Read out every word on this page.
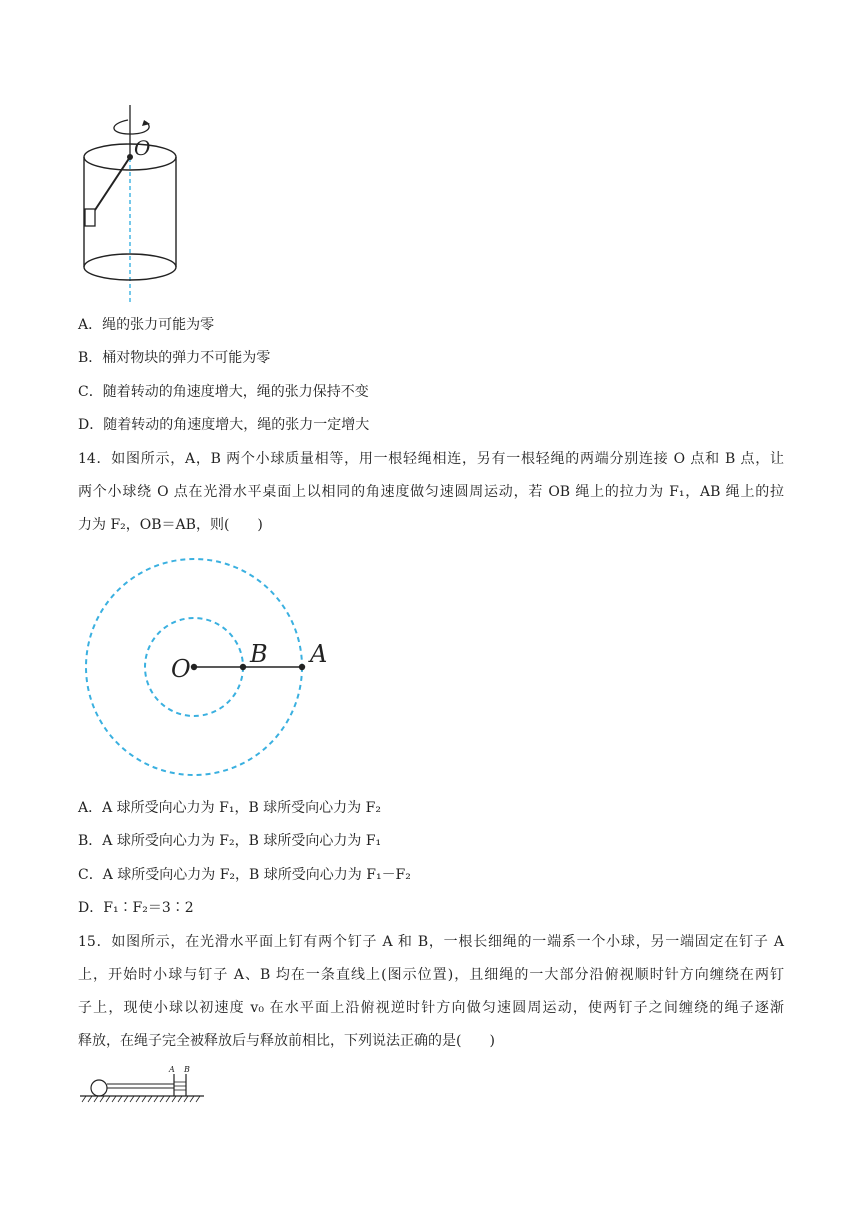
O
A．绳的张力可能为零
B．桶对物块的弹力不可能为零
C．随着转动的角速度增大，绳的张力保持不变
D．随着转动的角速度增大，绳的张力一定增大
14．如图所示，A，B 两个小球质量相等，用一根轻绳相连，另有一根轻绳的两端分别连接 O 点和 B 点，让
两个小球绕 O 点在光滑水平桌面上以相同的角速度做匀速圆周运动，若 OB 绳上的拉力为 F₁，AB 绳上的拉
力为 F₂，OB＝AB，则(　　)
O
B A
A．A 球所受向心力为 F₁，B 球所受向心力为 F₂
B．A 球所受向心力为 F₂，B 球所受向心力为 F₁
C．A 球所受向心力为 F₂，B 球所受向心力为 F₁－F₂
D．F₁∶F₂＝3∶2
15．如图所示，在光滑水平面上钉有两个钉子 A 和 B，一根长细绳的一端系一个小球，另一端固定在钉子 A
上，开始时小球与钉子 A、B 均在一条直线上(图示位置)，且细绳的一大部分沿俯视顺时针方向缠绕在两钉
子上，现使小球以初速度 v₀ 在水平面上沿俯视逆时针方向做匀速圆周运动，使两钉子之间缠绕的绳子逐渐
释放，在绳子完全被释放后与释放前相比，下列说法正确的是(　　)
A B
